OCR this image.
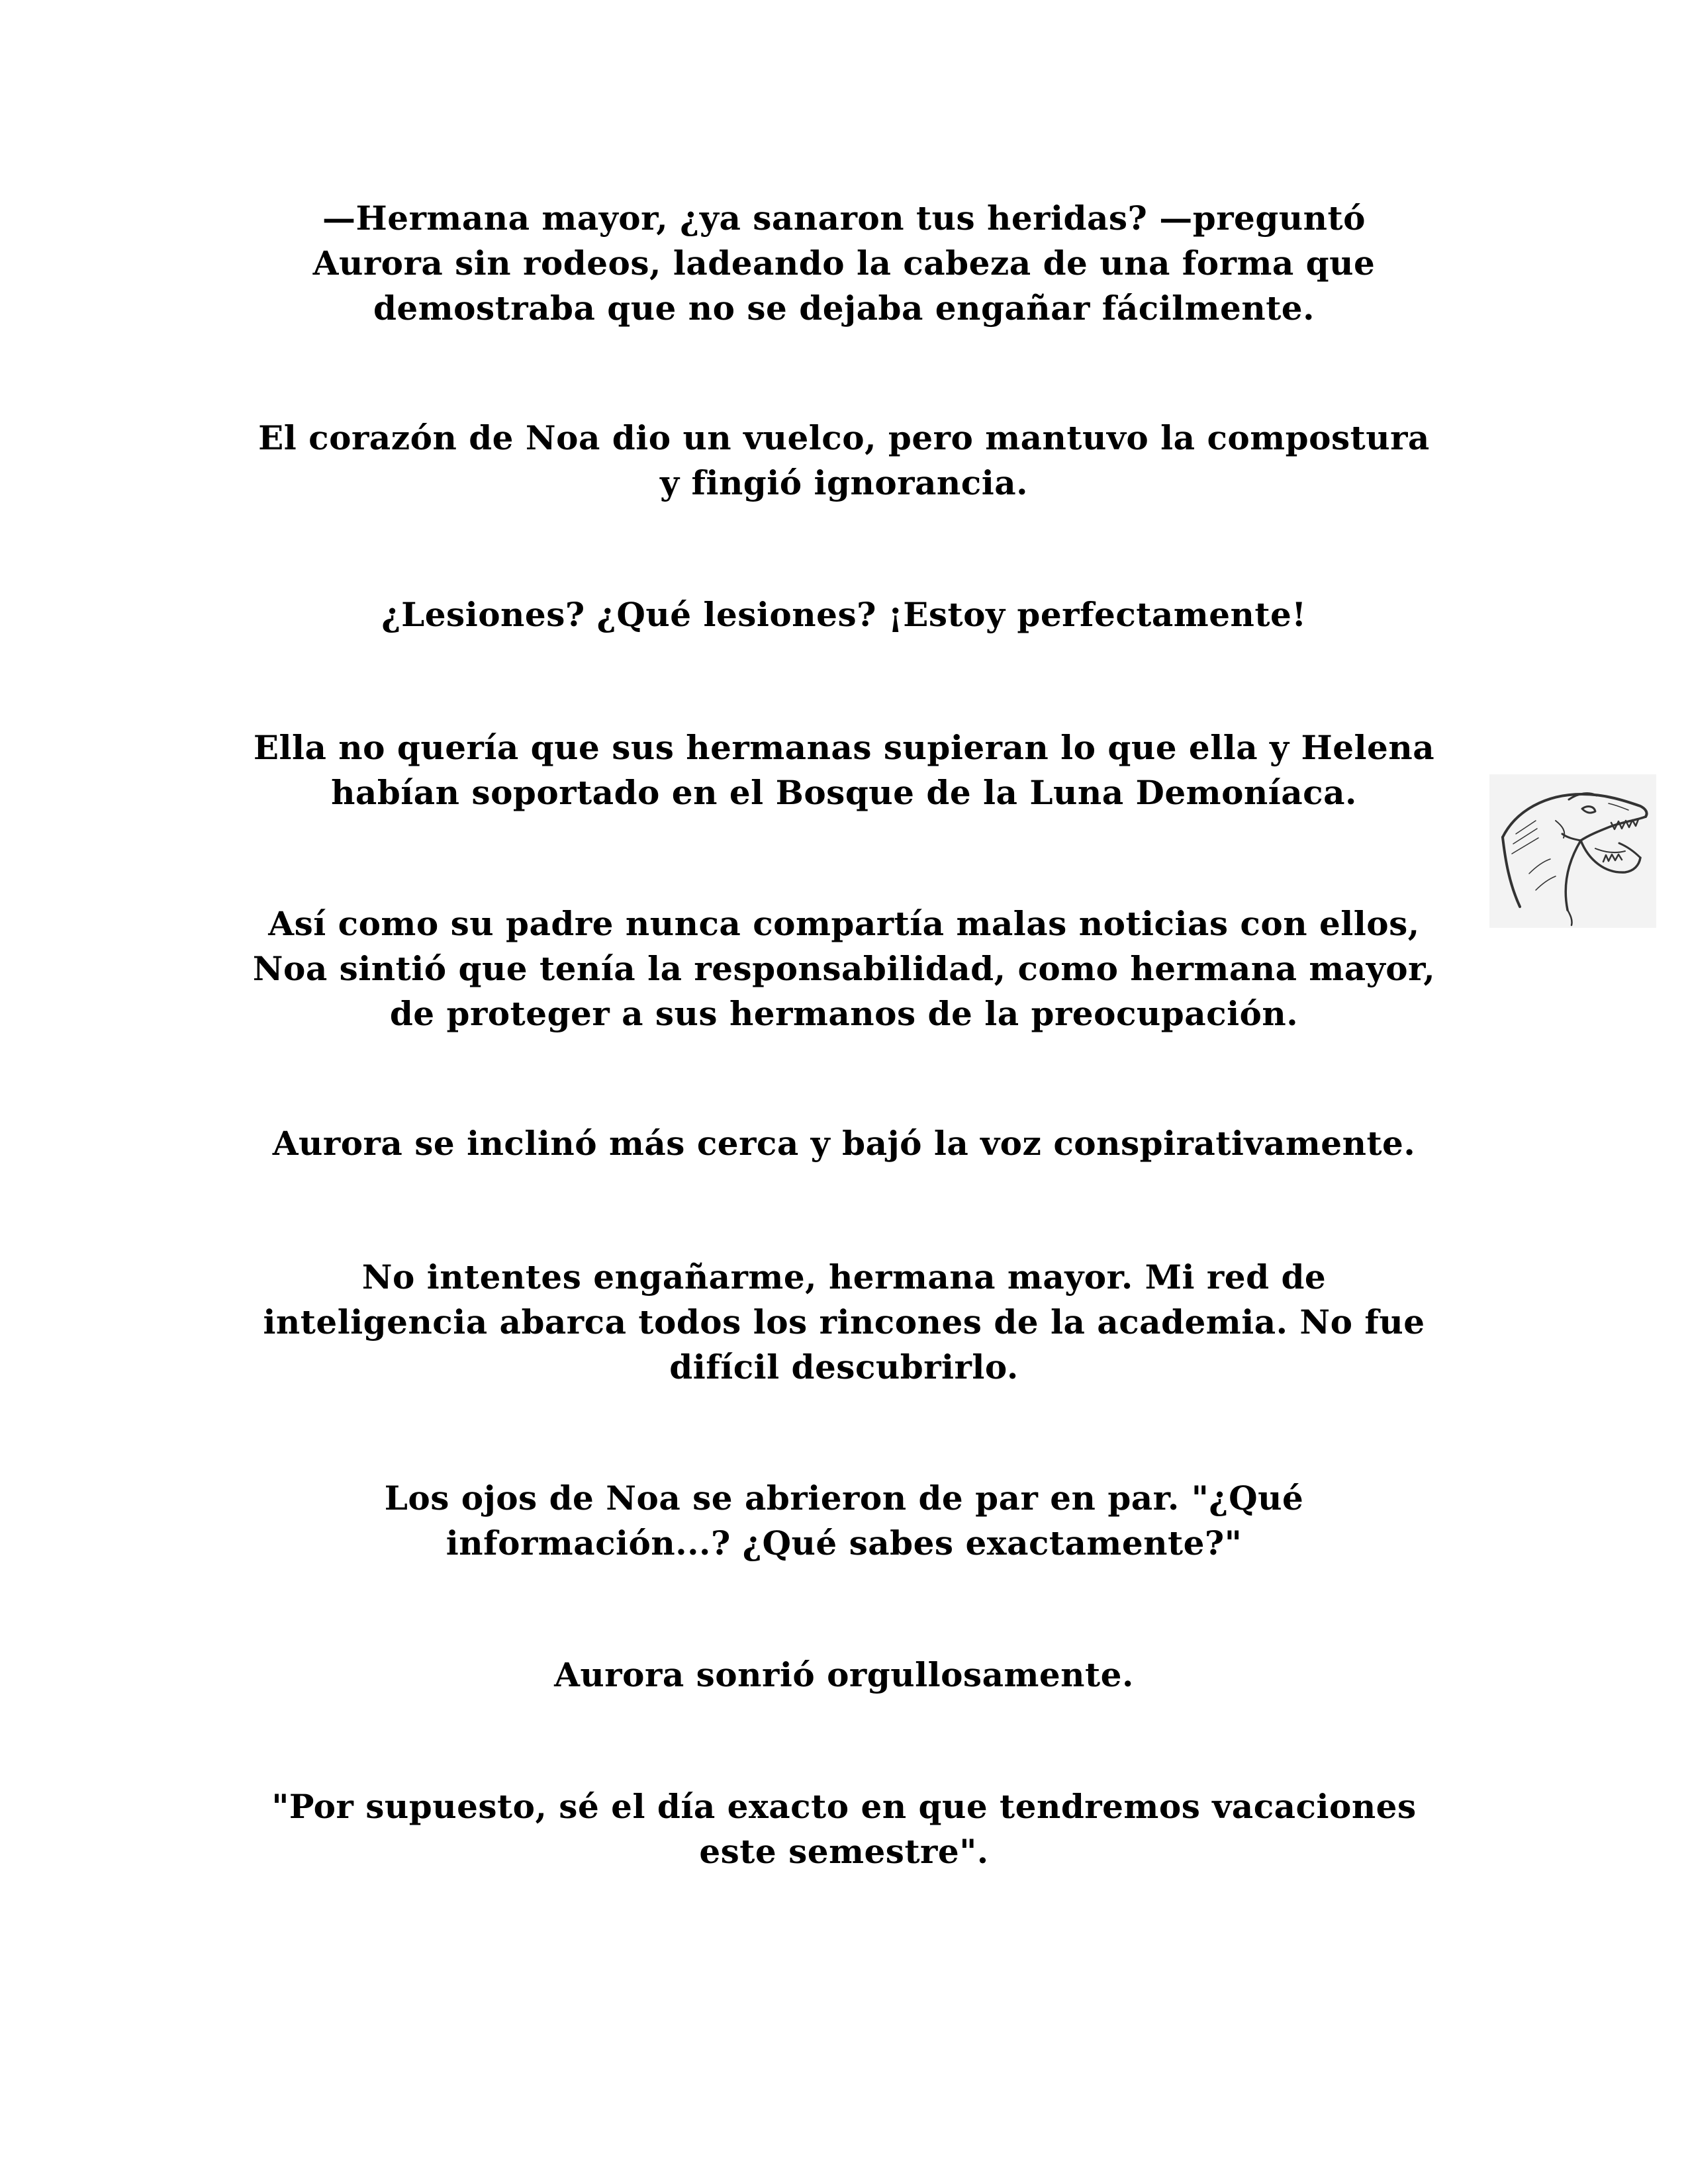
—Hermana mayor, ¿ya sanaron tus heridas? —preguntó
Aurora sin rodeos, ladeando la cabeza de una forma que
demostraba que no se dejaba engañar fácilmente.

El corazón de Noa dio un vuelco, pero mantuvo la compostura
y fingió ignorancia.

¿Lesiones? ¿Qué lesiones? ¡Estoy perfectamente!

Ella no quería que sus hermanas supieran lo que ella y Helena
habían soportado en el Bosque de la Luna Demoníaca.

Así como su padre nunca compartía malas noticias con ellos,
Noa sintió que tenía la responsabilidad, como hermana mayor,
de proteger a sus hermanos de la preocupación.

Aurora se inclinó más cerca y bajó la voz conspirativamente.

No intentes engañarme, hermana mayor. Mi red de
inteligencia abarca todos los rincones de la academia. No fue
difícil descubrirlo.

Los ojos de Noa se abrieron de par en par. "¿Qué
información...? ¿Qué sabes exactamente?"

Aurora sonrió orgullosamente.

"Por supuesto, sé el día exacto en que tendremos vacaciones
este semestre".
